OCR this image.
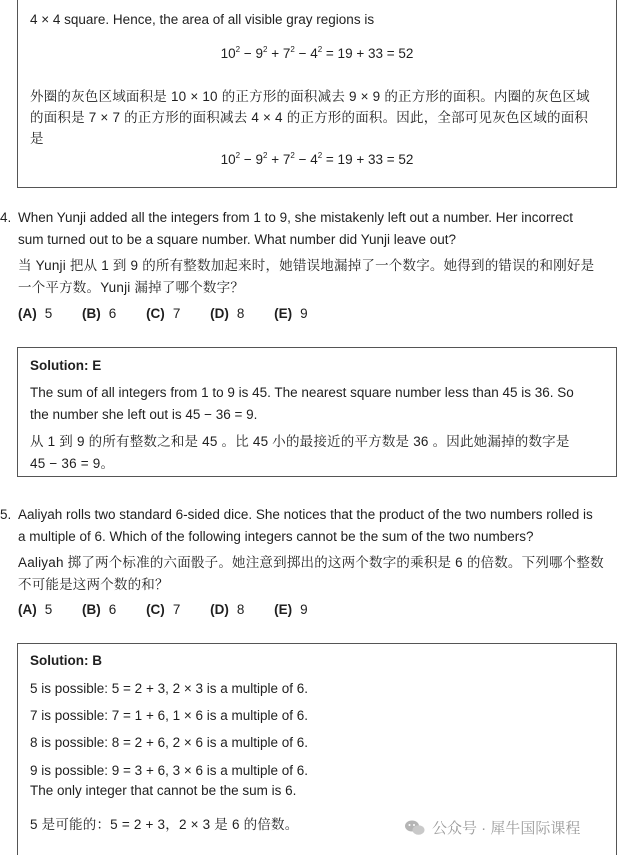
4 × 4 square. Hence, the area of all visible gray regions is
$10^2 - 9^2 + 7^2 - 4^2 = 19 + 33 = 52$
外圈的灰色区域面积是 10 × 10 的正方形的面积减去 9 × 9 的正方形的面积。内圈的灰色区域
的面积是 7 × 7 的正方形的面积减去 4 × 4 的正方形的面积。因此，全部可见灰色区域的面积
是
$10^2 - 9^2 + 7^2 - 4^2 = 19 + 33 = 52$
4. When Yunji added all the integers from 1 to 9, she mistakenly left out a number. Her incorrect
sum turned out to be a square number. What number did Yunji leave out?
当 Yunji 把从 1 到 9 的所有整数加起来时，她错误地漏掉了一个数字。她得到的错误的和刚好是
一个平方数。Yunji 漏掉了哪个数字？
(A) 5 (B) 6 (C) 7 (D) 8 (E) 9
Solution: E
The sum of all integers from 1 to 9 is 45. The nearest square number less than 45 is 36. So
the number she left out is 45 − 36 = 9.
从 1 到 9 的所有整数之和是 45 。比 45 小的最接近的平方数是 36 。因此她漏掉的数字是
45 − 36 = 9。
5. Aaliyah rolls two standard 6-sided dice. She notices that the product of the two numbers rolled is
a multiple of 6. Which of the following integers cannot be the sum of the two numbers?
Aaliyah 掷了两个标准的六面骰子。她注意到掷出的这两个数字的乘积是 6 的倍数。下列哪个整数
不可能是这两个数的和？
(A) 5 (B) 6 (C) 7 (D) 8 (E) 9
Solution: B
5 is possible: 5 = 2 + 3, 2 × 3 is a multiple of 6.
7 is possible: 7 = 1 + 6, 1 × 6 is a multiple of 6.
8 is possible: 8 = 2 + 6, 2 × 6 is a multiple of 6.
9 is possible: 9 = 3 + 6, 3 × 6 is a multiple of 6.
The only integer that cannot be the sum is 6.
5 是可能的：5 = 2 + 3，2 × 3 是 6 的倍数。	公众号 · 犀牛国际课程
